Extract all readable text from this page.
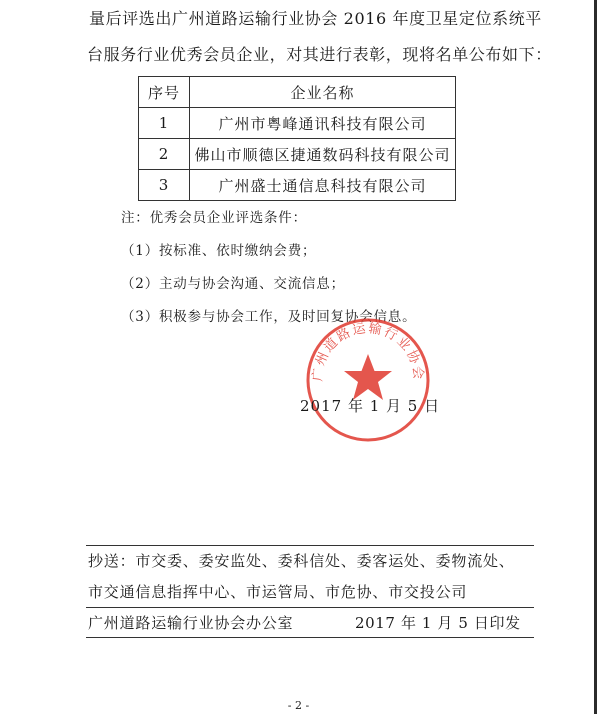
量后评选出广州道路运输行业协会 2016 年度卫星定位系统平
台服务行业优秀会员企业，对其进行表彰，现将名单公布如下：
序号	企业名称
1	广州市粤峰通讯科技有限公司
2	佛山市顺德区捷通数码科技有限公司
3	广州盛士通信息科技有限公司
注：优秀会员企业评选条件：
（1）按标准、依时缴纳会费；
（2）主动与协会沟通、交流信息；
（3）积极参与协会工作，及时回复协会信息。
广州道路运输行业协会
2017 年 1 月 5 日
抄送：市交委、委安监处、委科信处、委客运处、委物流处、
市交通信息指挥中心、市运管局、市危协、市交投公司
广州道路运输行业协会办公室	2017 年 1 月 5 日印发
- 2 -
